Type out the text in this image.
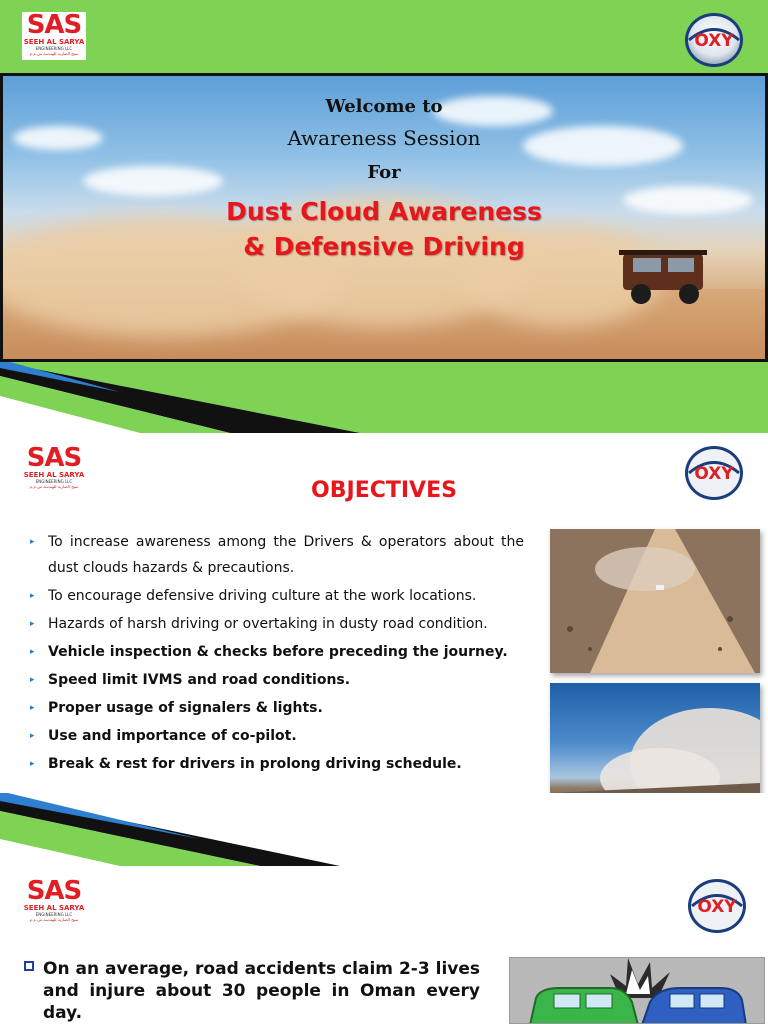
SAS
SEEH AL SARYA
ENGINEERING LLC
سيح الصارية للهندسة ش.م.م
OXY
Welcome to
Awareness Session
For
Dust Cloud Awareness
& Defensive Driving
SAS
SEEH AL SARYA
ENGINEERING LLC
سيح الصارية للهندسة ش.م.م
OXY
OBJECTIVES
▸ To increase awareness among the Drivers & operators about the dust clouds hazards & precautions.
▸ To encourage defensive driving culture at the work locations.
▸ Hazards of harsh driving or overtaking in dusty road condition.
▸ Vehicle inspection & checks before preceding the journey.
▸ Speed limit IVMS and road conditions.
▸ Proper usage of signalers & lights.
▸ Use and importance of co-pilot.
▸ Break & rest for drivers in prolong driving schedule.
SAS
SEEH AL SARYA
ENGINEERING LLC
سيح الصارية للهندسة ش.م.م
OXY
On an average, road accidents claim 2-3 lives and injure about 30 people in Oman every day.
